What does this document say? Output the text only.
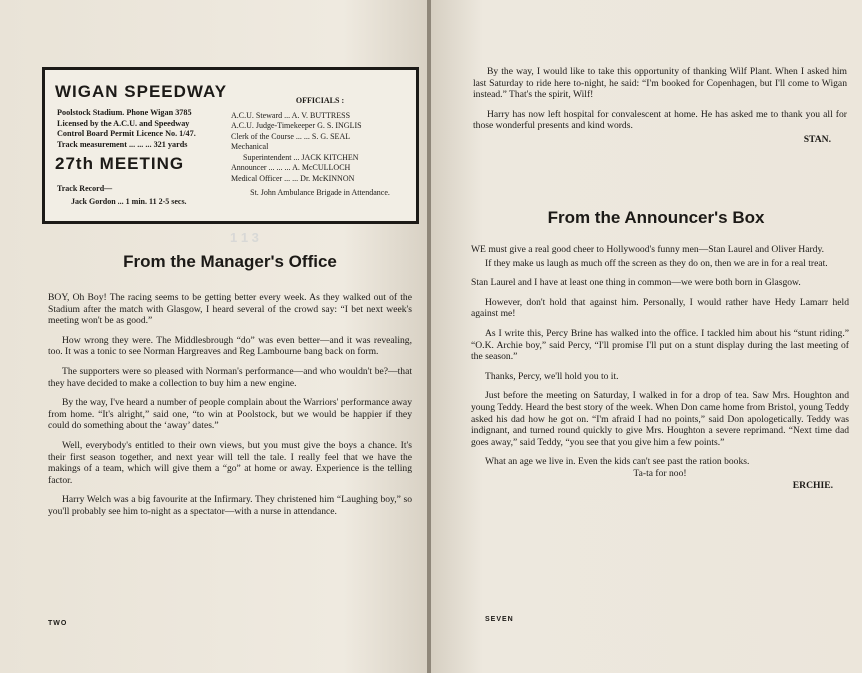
1 1 3
WIGAN SPEEDWAY
Poolstock Stadium. Phone Wigan 3785
Licensed by the A.C.U. and Speedway
Control Board Permit Licence No. 1/47.
Track measurement ... ... ... 321 yards
27th MEETING
Track Record—
Jack Gordon ... 1 min. 11 2-5 secs.
OFFICIALS :
A.C.U. Steward ... A. V. BUTTRESS
A.C.U. Judge-Timekeeper G. S. INGLIS
Clerk of the Course ... ... S. G. SEAL
Mechanical
Superintendent ... JACK KITCHEN
Announcer ... ... ... A. McCULLOCH
Medical Officer ... ... Dr. McKINNON
St. John Ambulance Brigade in Attendance.
From the Manager's Office

BOY, Oh Boy! The racing seems to be getting better every week. As they walked out of the Stadium after the match with Glasgow, I heard several of the crowd say: “I bet next week's meeting won't be as good.”

How wrong they were. The Middlesbrough “do” was even better—and it was revealing, too. It was a tonic to see Norman Hargreaves and Reg Lambourne bang back on form.

The supporters were so pleased with Norman's performance—and who wouldn't be?—that they have decided to make a collection to buy him a new engine.

By the way, I've heard a number of people complain about the Warriors' performance away from home. “It's alright,” said one, “to win at Poolstock, but we would be happier if they could do something about the ‘away’ dates.”

Well, everybody's entitled to their own views, but you must give the boys a chance. It's their first season together, and next year will tell the tale. I really feel that we have the makings of a team, which will give them a “go” at home or away. Experience is the telling factor.

Harry Welch was a big favourite at the Infirmary. They christened him “Laughing boy,” so you'll probably see him to-night as a spectator—with a nurse in attendance.

TWO

By the way, I would like to take this opportunity of thanking Wilf Plant. When I asked him last Saturday to ride here to-night, he said: “I'm booked for Copenhagen, but I'll come to Wigan instead.” That's the spirit, Wilf!

Harry has now left hospital for convalescent at home. He has asked me to thank you all for those wonderful presents and kind words.

STAN.
From the Announcer's Box

WE must give a real good cheer to Hollywood's funny men—Stan Laurel and Oliver Hardy.

If they make us laugh as much off the screen as they do on, then we are in for a real treat.

Stan Laurel and I have at least one thing in common—we were both born in Glasgow.

However, don't hold that against him. Personally, I would rather have Hedy Lamarr held against me!

As I write this, Percy Brine has walked into the office. I tackled him about his “stunt riding.” “O.K. Archie boy,” said Percy, “I'll promise I'll put on a stunt display during the last meeting of the season.”

Thanks, Percy, we'll hold you to it.

Just before the meeting on Saturday, I walked in for a drop of tea. Saw Mrs. Houghton and young Teddy. Heard the best story of the week. When Don came home from Bristol, young Teddy asked his dad how he got on. “I'm afraid I had no points,” said Don apologetically. Teddy was indignant, and turned round quickly to give Mrs. Houghton a severe reprimand. “Next time dad goes away,” said Teddy, “you see that you give him a few points.”

What an age we live in. Even the kids can't see past the ration books.

Ta-ta for noo!
ERCHIE.
SEVEN
